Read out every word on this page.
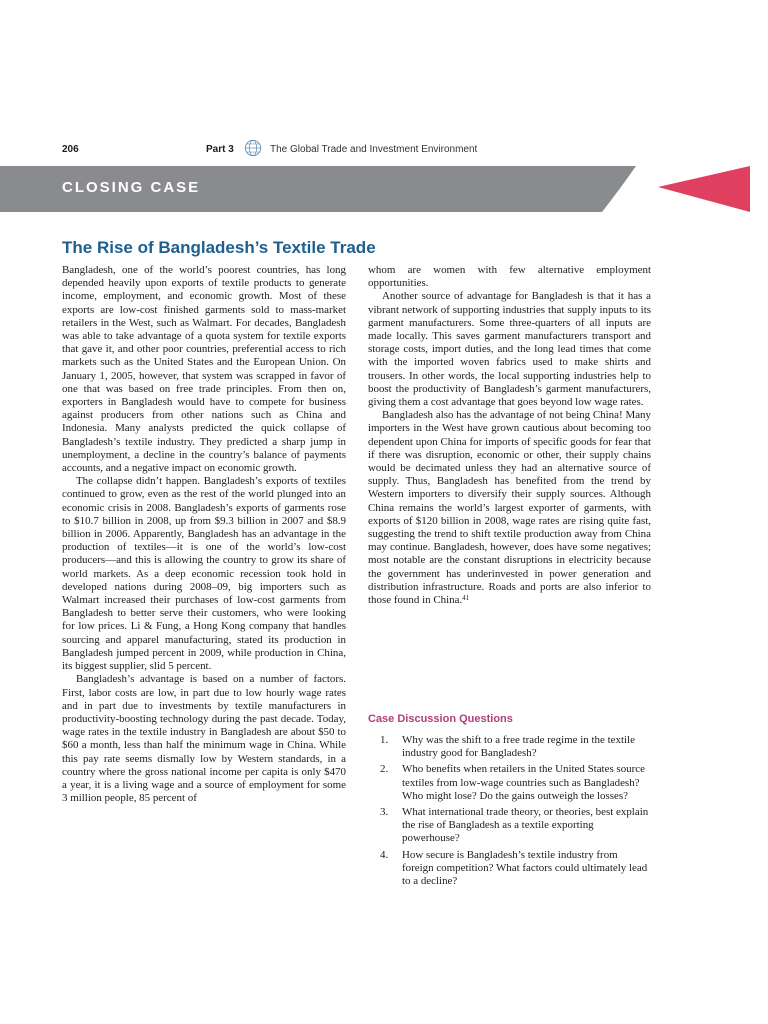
206	Part 3	The Global Trade and Investment Environment
CLOSING CASE
The Rise of Bangladesh’s Textile Trade

Bangladesh, one of the world’s poorest countries, has long depended heavily upon exports of textile products to generate income, employment, and economic growth. Most of these exports are low-cost finished garments sold to mass-market retailers in the West, such as Walmart. For decades, Bangladesh was able to take advantage of a quota system for textile exports that gave it, and other poor countries, preferential access to rich markets such as the United States and the European Union. On January 1, 2005, however, that system was scrapped in favor of one that was based on free trade principles. From then on, exporters in Bangladesh would have to compete for business against producers from other nations such as China and Indonesia. Many analysts predicted the quick collapse of Bangladesh’s textile industry. They predicted a sharp jump in unemployment, a decline in the country’s balance of payments accounts, and a negative impact on economic growth.

The collapse didn’t happen. Bangladesh’s exports of textiles continued to grow, even as the rest of the world plunged into an economic crisis in 2008. Bangladesh’s exports of garments rose to $10.7 billion in 2008, up from $9.3 billion in 2007 and $8.9 billion in 2006. Apparently, Bangladesh has an advantage in the production of textiles—it is one of the world’s low-cost producers—and this is allowing the country to grow its share of world markets. As a deep economic recession took hold in developed nations during 2008–09, big importers such as Walmart increased their purchases of low-cost garments from Bangladesh to better serve their customers, who were looking for low prices. Li & Fung, a Hong Kong company that handles sourcing and apparel manufacturing, stated its production in Bangladesh jumped percent in 2009, while production in China, its biggest supplier, slid 5 percent.

Bangladesh’s advantage is based on a number of factors. First, labor costs are low, in part due to low hourly wage rates and in part due to investments by textile manufacturers in productivity-boosting technology during the past decade. Today, wage rates in the textile industry in Bangladesh are about $50 to $60 a month, less than half the minimum wage in China. While this pay rate seems dismally low by Western standards, in a country where the gross national income per capita is only $470 a year, it is a living wage and a source of employment for some 3 million people, 85 percent of

whom are women with few alternative employment opportunities.

Another source of advantage for Bangladesh is that it has a vibrant network of supporting industries that supply inputs to its garment manufacturers. Some three-quarters of all inputs are made locally. This saves garment manufacturers transport and storage costs, import duties, and the long lead times that come with the imported woven fabrics used to make shirts and trousers. In other words, the local supporting industries help to boost the productivity of Bangladesh’s garment manufacturers, giving them a cost advantage that goes beyond low wage rates.

Bangladesh also has the advantage of not being China! Many importers in the West have grown cautious about becoming too dependent upon China for imports of specific goods for fear that if there was disruption, economic or other, their supply chains would be decimated unless they had an alternative source of supply. Thus, Bangladesh has benefited from the trend by Western importers to diversify their supply sources. Although China remains the world’s largest exporter of garments, with exports of $120 billion in 2008, wage rates are rising quite fast, suggesting the trend to shift textile production away from China may continue. Bangladesh, however, does have some negatives; most notable are the constant disruptions in electricity because the government has underinvested in power generation and distribution infrastructure. Roads and ports are also inferior to those found in China.$^{41}$

Case Discussion Questions
1. Why was the shift to a free trade regime in the textile industry good for Bangladesh?
2. Who benefits when retailers in the United States source textiles from low-wage countries such as Bangladesh? Who might lose? Do the gains outweigh the losses?
3. What international trade theory, or theories, best explain the rise of Bangladesh as a textile exporting powerhouse?
4. How secure is Bangladesh’s textile industry from foreign competition? What factors could ultimately lead to a decline?
